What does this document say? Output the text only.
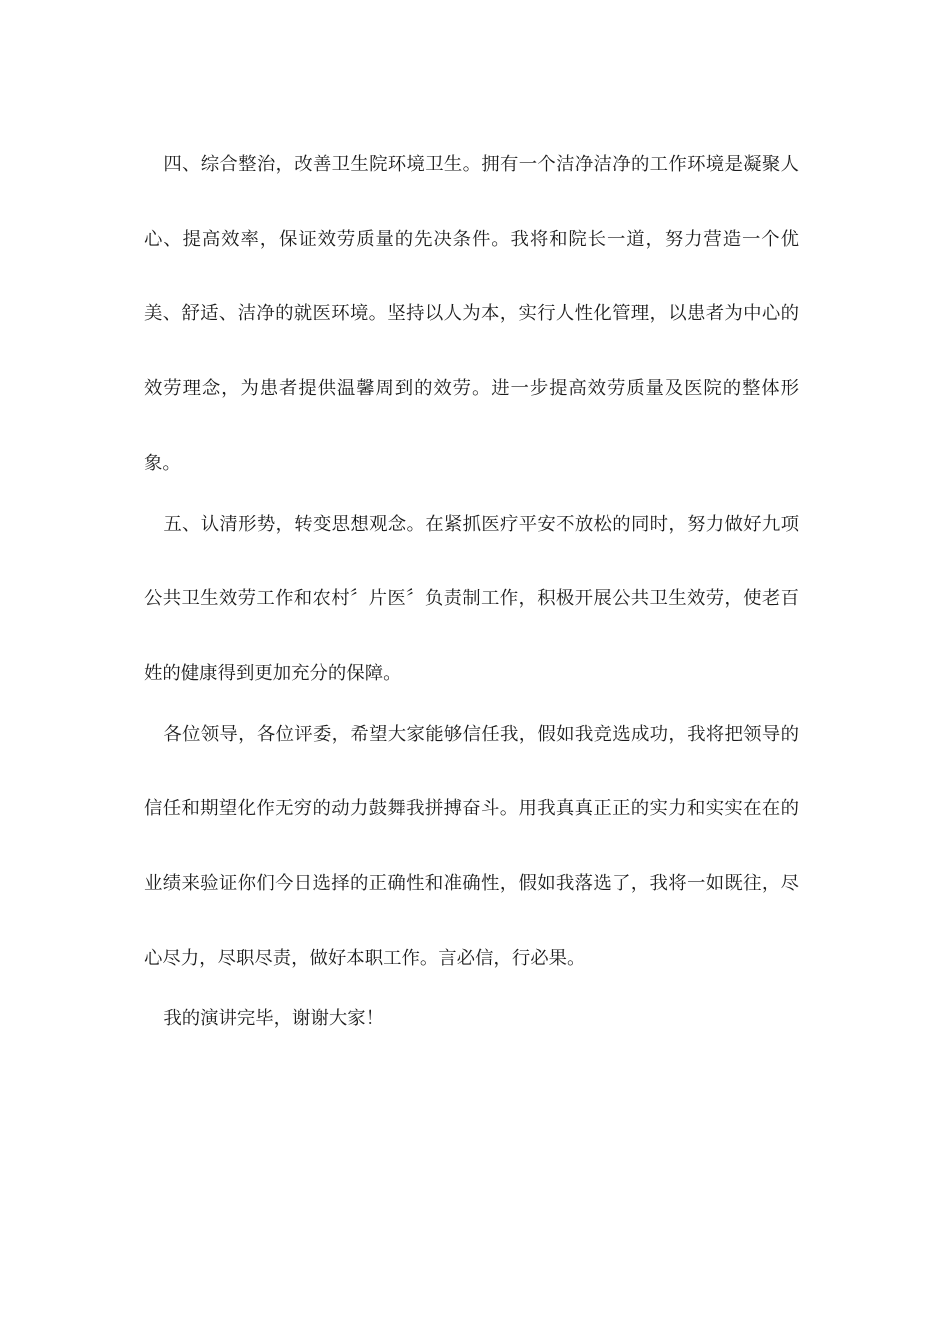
四、综合整治，改善卫生院环境卫生。拥有一个洁净洁净的工作环境是凝聚人心、提高效率，保证效劳质量的先决条件。我将和院长一道，努力营造一个优美、舒适、洁净的就医环境。坚持以人为本，实行人性化管理，以患者为中心的效劳理念，为患者提供温馨周到的效劳。进一步提高效劳质量及医院的整体形象。

五、认清形势，转变思想观念。在紧抓医疗平安不放松的同时，努力做好九项公共卫生效劳工作和农村〞片医〞负责制工作，积极开展公共卫生效劳，使老百姓的健康得到更加充分的保障。

各位领导，各位评委，希望大家能够信任我，假如我竞选成功，我将把领导的信任和期望化作无穷的动力鼓舞我拼搏奋斗。用我真真正正的实力和实实在在的业绩来验证你们今日选择的正确性和准确性，假如我落选了，我将一如既往，尽心尽力，尽职尽责，做好本职工作。言必信，行必果。

我的演讲完毕，谢谢大家！
